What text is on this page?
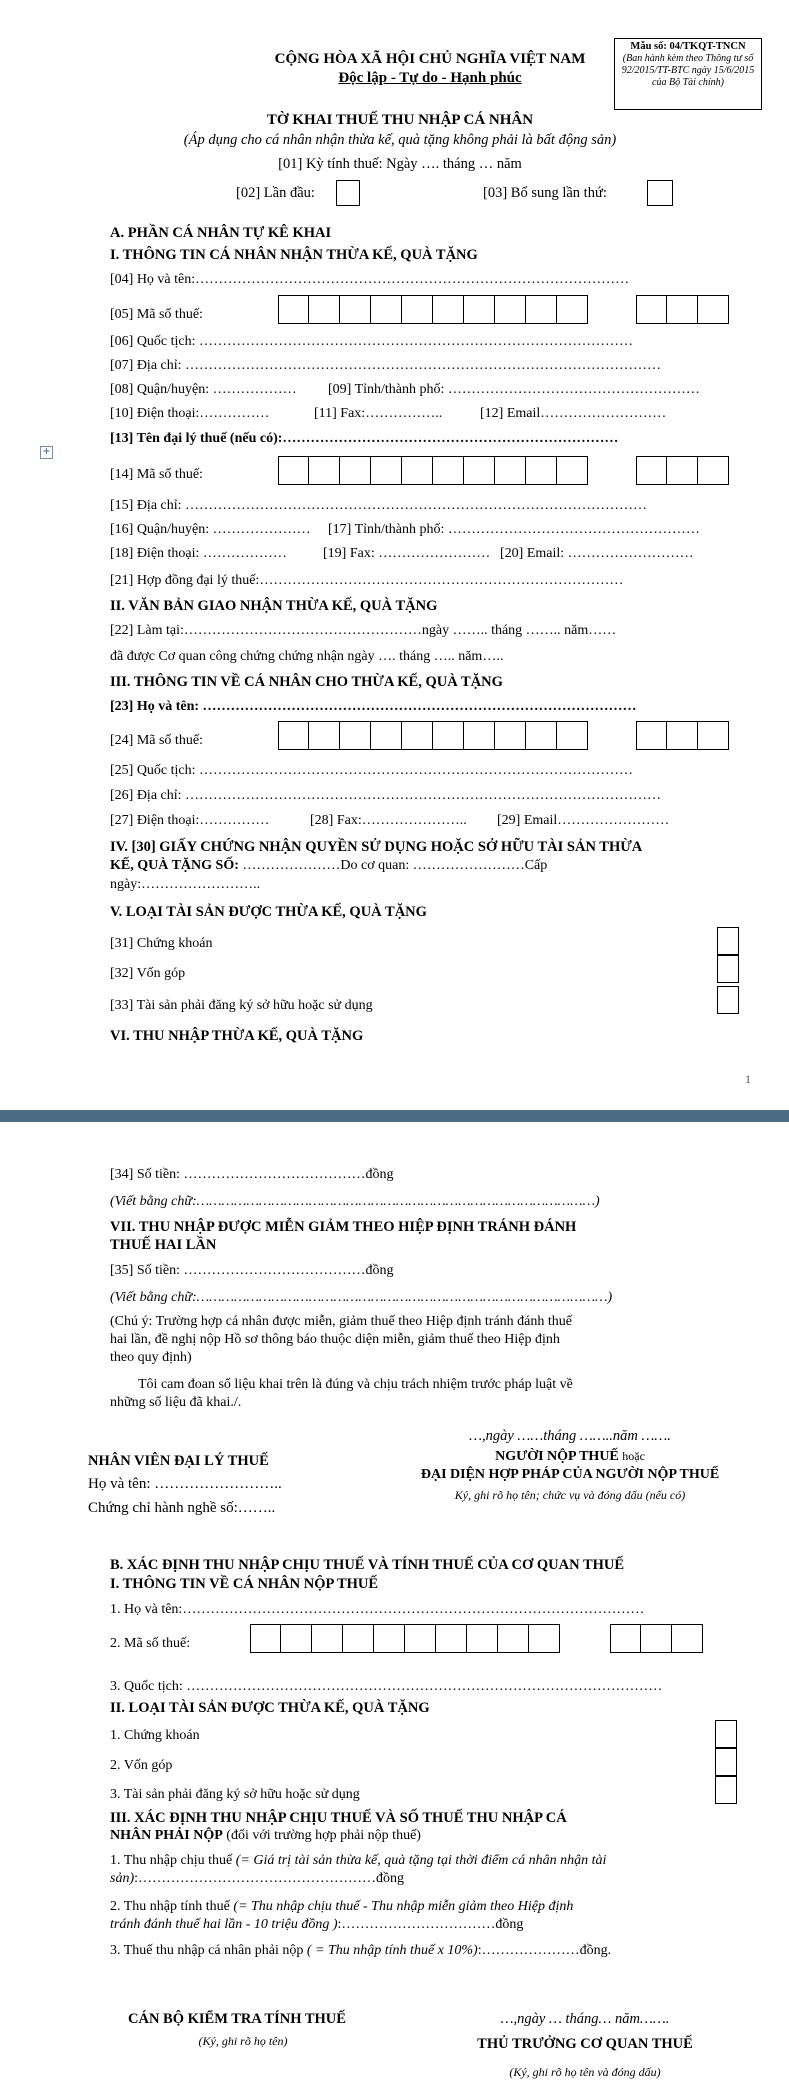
CỘNG HÒA XÃ HỘI CHỦ NGHĨA VIỆT NAM
Độc lập - Tự do - Hạnh phúc
Mẫu số: 04/TKQT-TNCN
(Ban hành kèm theo Thông tư số 92/2015/TT-BTC ngày 15/6/2015 của Bộ Tài chính)
TỜ KHAI THUẾ THU NHẬP CÁ NHÂN
(Áp dụng cho cá nhân nhận thừa kế, quà tặng không phải là bất động sản)
[01] Kỳ tính thuế: Ngày …. tháng … năm
[02] Lần đầu:	[03] Bổ sung lần thứ:
A. PHẦN CÁ NHÂN TỰ KÊ KHAI
I. THÔNG TIN CÁ NHÂN NHẬN THỪA KẾ, QUÀ TẶNG
[04] Họ và tên:…………………………………………………………………………………
[05] Mã số thuế:
[06] Quốc tịch: …………………………………………………………………………………
[07] Địa chỉ: …………………………………………………………………………………………
[08] Quận/huyện: ……………… [09] Tỉnh/thành phố: ………………………………………………
[10] Điện thoại:……………	[11] Fax:……………..	[12] Email………………………
+
[13] Tên đại lý thuế (nếu có):………………………………………………………………
[14] Mã số thuế:
[15] Địa chỉ: ………………………………………………………………………………………
[16] Quận/huyện: ………………… [17] Tỉnh/thành phố: ………………………………………………
[18] Điện thoại: ………………	[19] Fax: …………………… [20] Email: ………………………
[21] Hợp đồng đại lý thuế:……………………………………………………………………
II. VĂN BẢN GIAO NHẬN THỪA KẾ, QUÀ TẶNG
[22] Làm tại:……………………………………………ngày …….. tháng …….. năm……
đã được Cơ quan công chứng chứng nhận ngày …. tháng ….. năm…..
III. THÔNG TIN VỀ CÁ NHÂN CHO THỪA KẾ, QUÀ TẶNG
[23] Họ và tên: …………………………………………………………………………………
[24] Mã số thuế:
[25] Quốc tịch: …………………………………………………………………………………
[26] Địa chỉ: …………………………………………………………………………………………
[27] Điện thoại:……………	[28] Fax:………………….. [29] Email……………………
IV. [30] GIẤY CHỨNG NHẬN QUYỀN SỬ DỤNG HOẶC SỞ HỮU TÀI SẢN THỪA
KẾ, QUÀ TẶNG SỐ: …………………Do cơ quan: ……………………Cấp
ngày:……………………..
V. LOẠI TÀI SẢN ĐƯỢC THỪA KẾ, QUÀ TẶNG
[31] Chứng khoán
[32] Vốn góp
[33] Tài sản phải đăng ký sở hữu hoặc sử dụng
VI. THU NHẬP THỪA KẾ, QUÀ TẶNG
1
[34] Số tiền: …………………………………đồng
(Viết bằng chữ:……………………………………………………………………………………)
VII. THU NHẬP ĐƯỢC MIỄN GIẢM THEO HIỆP ĐỊNH TRÁNH ĐÁNH
THUẾ HAI LẦN
[35] Số tiền: …………………………………đồng
(Viết bằng chữ:………………………………………………………………………………………)
(Chú ý: Trường hợp cá nhân được miễn, giảm thuế theo Hiệp định tránh đánh thuế
hai lần, đề nghị nộp Hồ sơ thông báo thuộc diện miễn, giảm thuế theo Hiệp định
theo quy định)
Tôi cam đoan số liệu khai trên là đúng và chịu trách nhiệm trước pháp luật về
những số liệu đã khai./.
…,ngày ……tháng ……..năm …….
NHÂN VIÊN ĐẠI LÝ THUẾ
Họ và tên: ……………………..
Chứng chỉ hành nghề số:……..
NGƯỜI NỘP THUẾ hoặc
ĐẠI DIỆN HỢP PHÁP CỦA NGƯỜI NỘP THUẾ
Ký, ghi rõ họ tên; chức vụ và đóng dấu (nếu có)
B. XÁC ĐỊNH THU NHẬP CHỊU THUẾ VÀ TÍNH THUẾ CỦA CƠ QUAN THUẾ
I. THÔNG TIN VỀ CÁ NHÂN NỘP THUẾ
1. Họ và tên:………………………………………………………………………………………
2. Mã số thuế:
3. Quốc tịch: …………………………………………………………………………………………
II. LOẠI TÀI SẢN ĐƯỢC THỪA KẾ, QUÀ TẶNG
1. Chứng khoán
2. Vốn góp
3. Tài sản phải đăng ký sở hữu hoặc sử dụng
III. XÁC ĐỊNH THU NHẬP CHỊU THUẾ VÀ SỐ THUẾ THU NHẬP CÁ
NHÂN PHẢI NỘP (đối với trường hợp phải nộp thuế)
1. Thu nhập chịu thuế (= Giá trị tài sản thừa kế, quà tặng tại thời điểm cá nhân nhận tài
sản):……………………………………………đồng
2. Thu nhập tính thuế (= Thu nhập chịu thuế - Thu nhập miễn giảm theo Hiệp định
tránh đánh thuế hai lần - 10 triệu đồng ):……………………………đồng
3. Thuế thu nhập cá nhân phải nộp ( = Thu nhập tính thuế x 10%):…………………đồng.
CÁN BỘ KIỂM TRA TÍNH THUẾ
(Ký, ghi rõ họ tên)
…,ngày … tháng… năm…….
THỦ TRƯỞNG CƠ QUAN THUẾ
(Ký, ghi rõ họ tên và đóng dấu)
